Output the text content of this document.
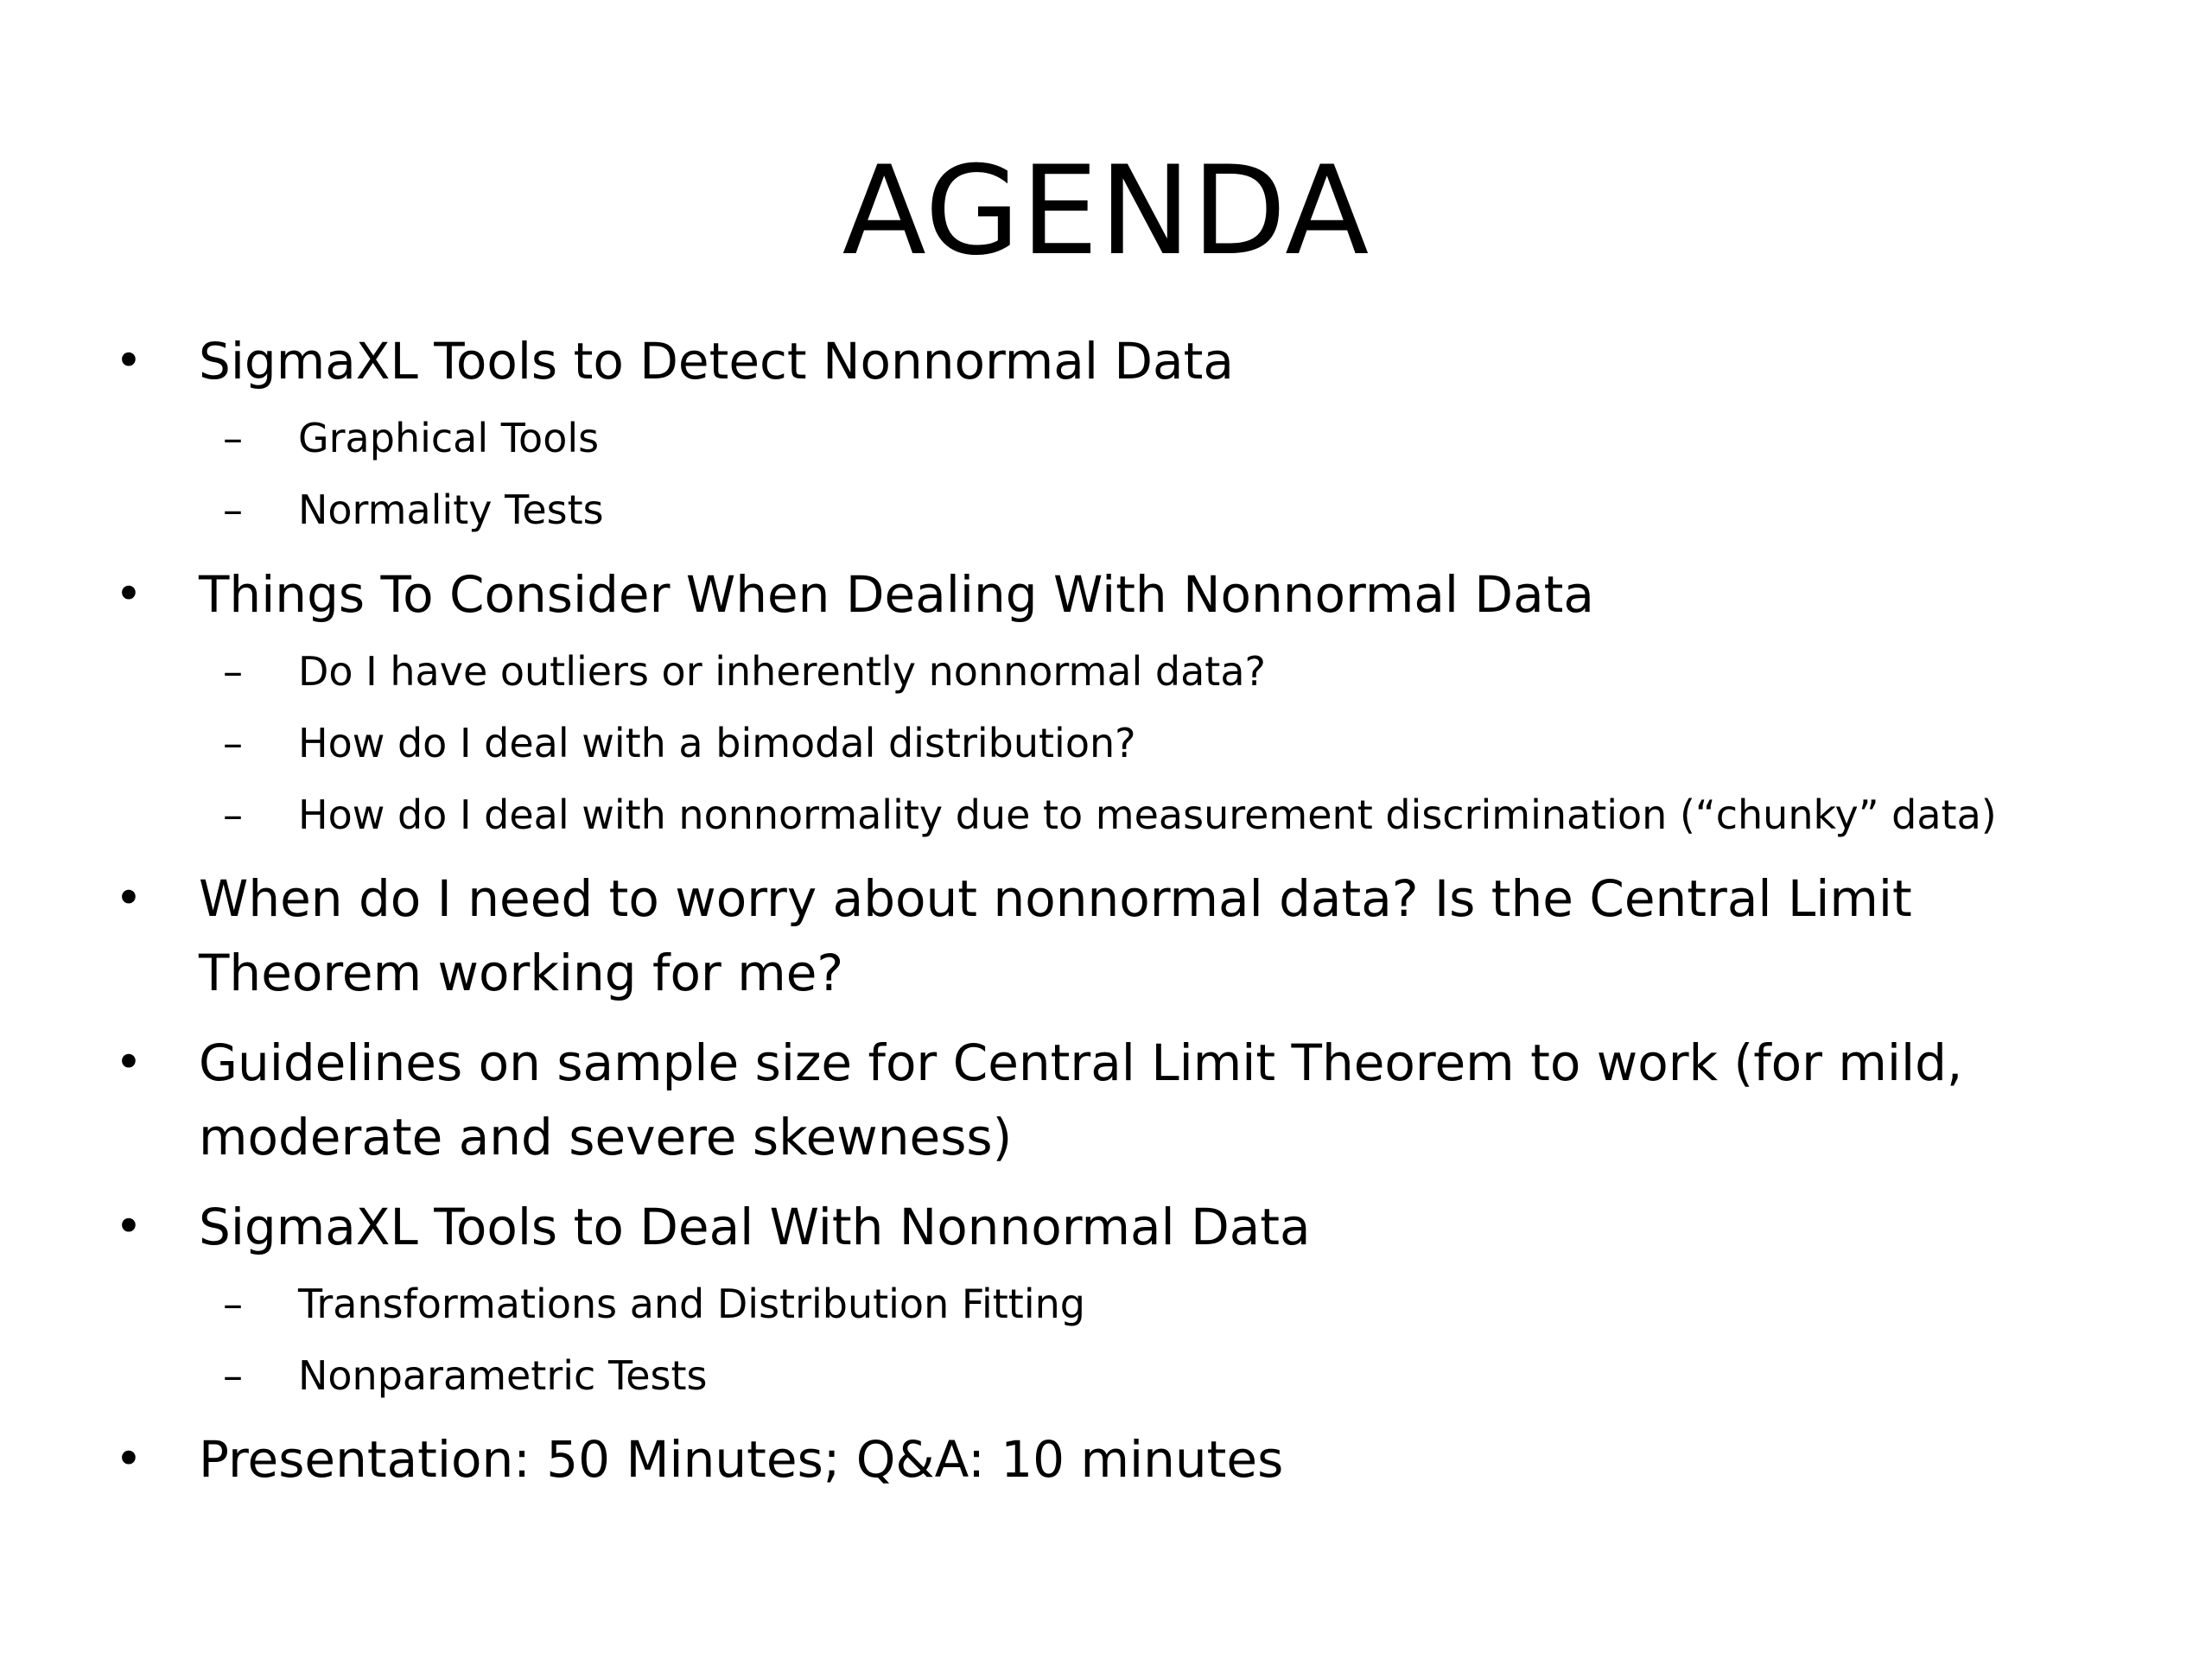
AGENDA
• SigmaXL Tools to Detect Nonnormal Data
– Graphical Tools
– Normality Tests
• Things To Consider When Dealing With Nonnormal Data
– Do I have outliers or inherently nonnormal data?
– How do I deal with a bimodal distribution?
– How do I deal with nonnormality due to measurement discrimination (“chunky” data)
• When do I need to worry about nonnormal data? Is the Central Limit
Theorem working for me?
• Guidelines on sample size for Central Limit Theorem to work (for mild,
moderate and severe skewness)
• SigmaXL Tools to Deal With Nonnormal Data
– Transformations and Distribution Fitting
– Nonparametric Tests
• Presentation: 50 Minutes; Q&A: 10 minutes
